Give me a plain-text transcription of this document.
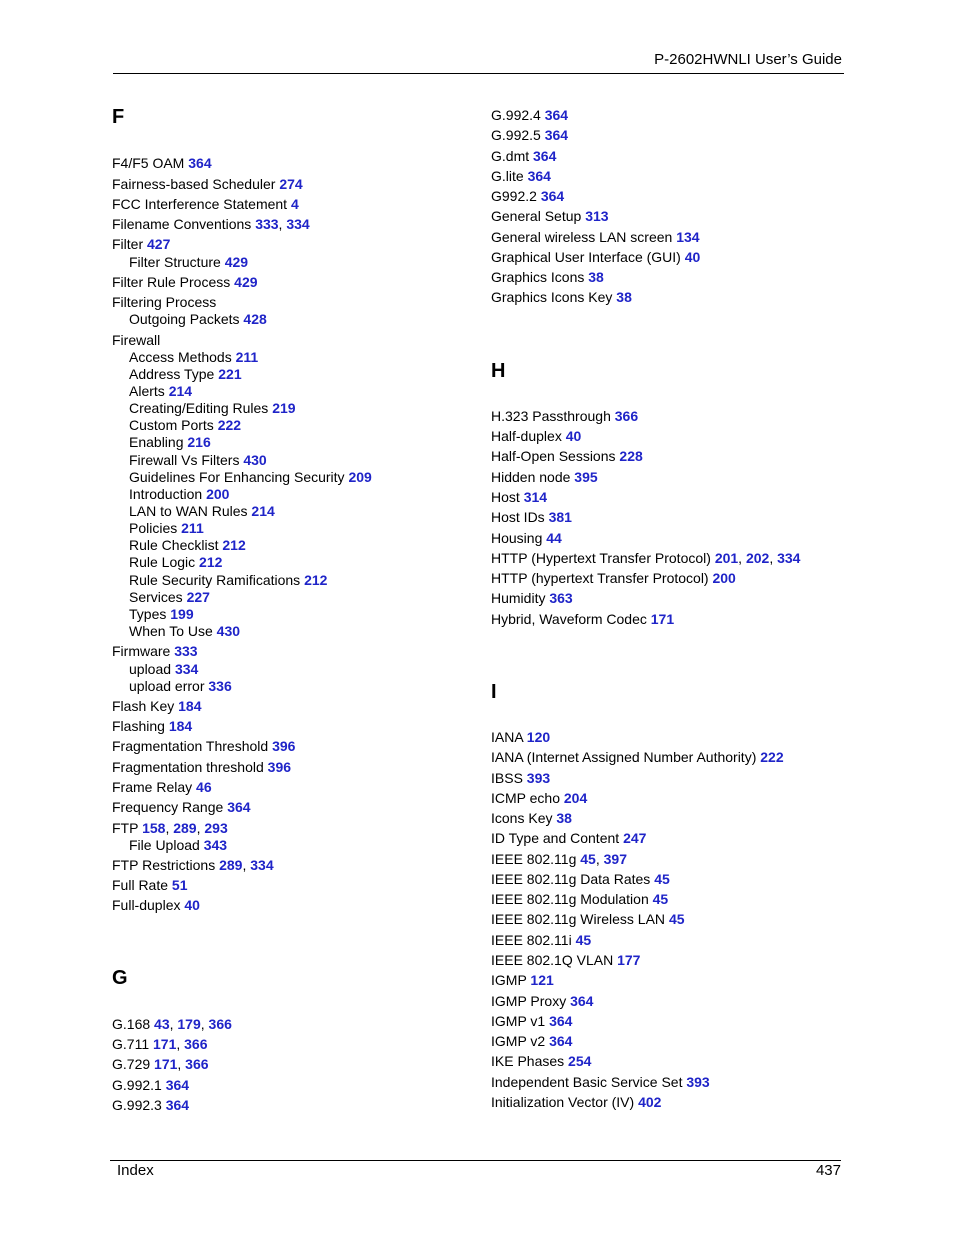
P-2602HWNLI User’s Guide
F
F4/F5 OAM 364
Fairness-based Scheduler 274
FCC Interference Statement 4
Filename Conventions 333, 334
Filter 427
Filter Structure 429
Filter Rule Process 429
Filtering Process
Outgoing Packets 428
Firewall
Access Methods 211
Address Type 221
Alerts 214
Creating/Editing Rules 219
Custom Ports 222
Enabling 216
Firewall Vs Filters 430
Guidelines For Enhancing Security 209
Introduction 200
LAN to WAN Rules 214
Policies 211
Rule Checklist 212
Rule Logic 212
Rule Security Ramifications 212
Services 227
Types 199
When To Use 430
Firmware 333
upload 334
upload error 336
Flash Key 184
Flashing 184
Fragmentation Threshold 396
Fragmentation threshold 396
Frame Relay 46
Frequency Range 364
FTP 158, 289, 293
File Upload 343
FTP Restrictions 289, 334
Full Rate 51
Full-duplex 40
G.168 43, 179, 366
G.711 171, 366
G.729 171, 366
G.992.1 364
G.992.3 364
G
G.992.4 364
G.992.5 364
G.dmt 364
G.lite 364
G992.2 364
General Setup 313
General wireless LAN screen 134
Graphical User Interface (GUI) 40
Graphics Icons 38
Graphics Icons Key 38
H.323 Passthrough 366
Half-duplex 40
Half-Open Sessions 228
Hidden node 395
Host 314
Host IDs 381
Housing 44
HTTP (Hypertext Transfer Protocol) 201, 202, 334
HTTP (hypertext Transfer Protocol) 200
Humidity 363
Hybrid, Waveform Codec 171
IANA 120
IANA (Internet Assigned Number Authority) 222
IBSS 393
ICMP echo 204
Icons Key 38
ID Type and Content 247
IEEE 802.11g 45, 397
IEEE 802.11g Data Rates 45
IEEE 802.11g Modulation 45
IEEE 802.11g Wireless LAN 45
IEEE 802.11i 45
IEEE 802.1Q VLAN 177
IGMP 121
IGMP Proxy 364
IGMP v1 364
IGMP v2 364
IKE Phases 254
Independent Basic Service Set 393
Initialization Vector (IV) 402
H
I
Index	437
